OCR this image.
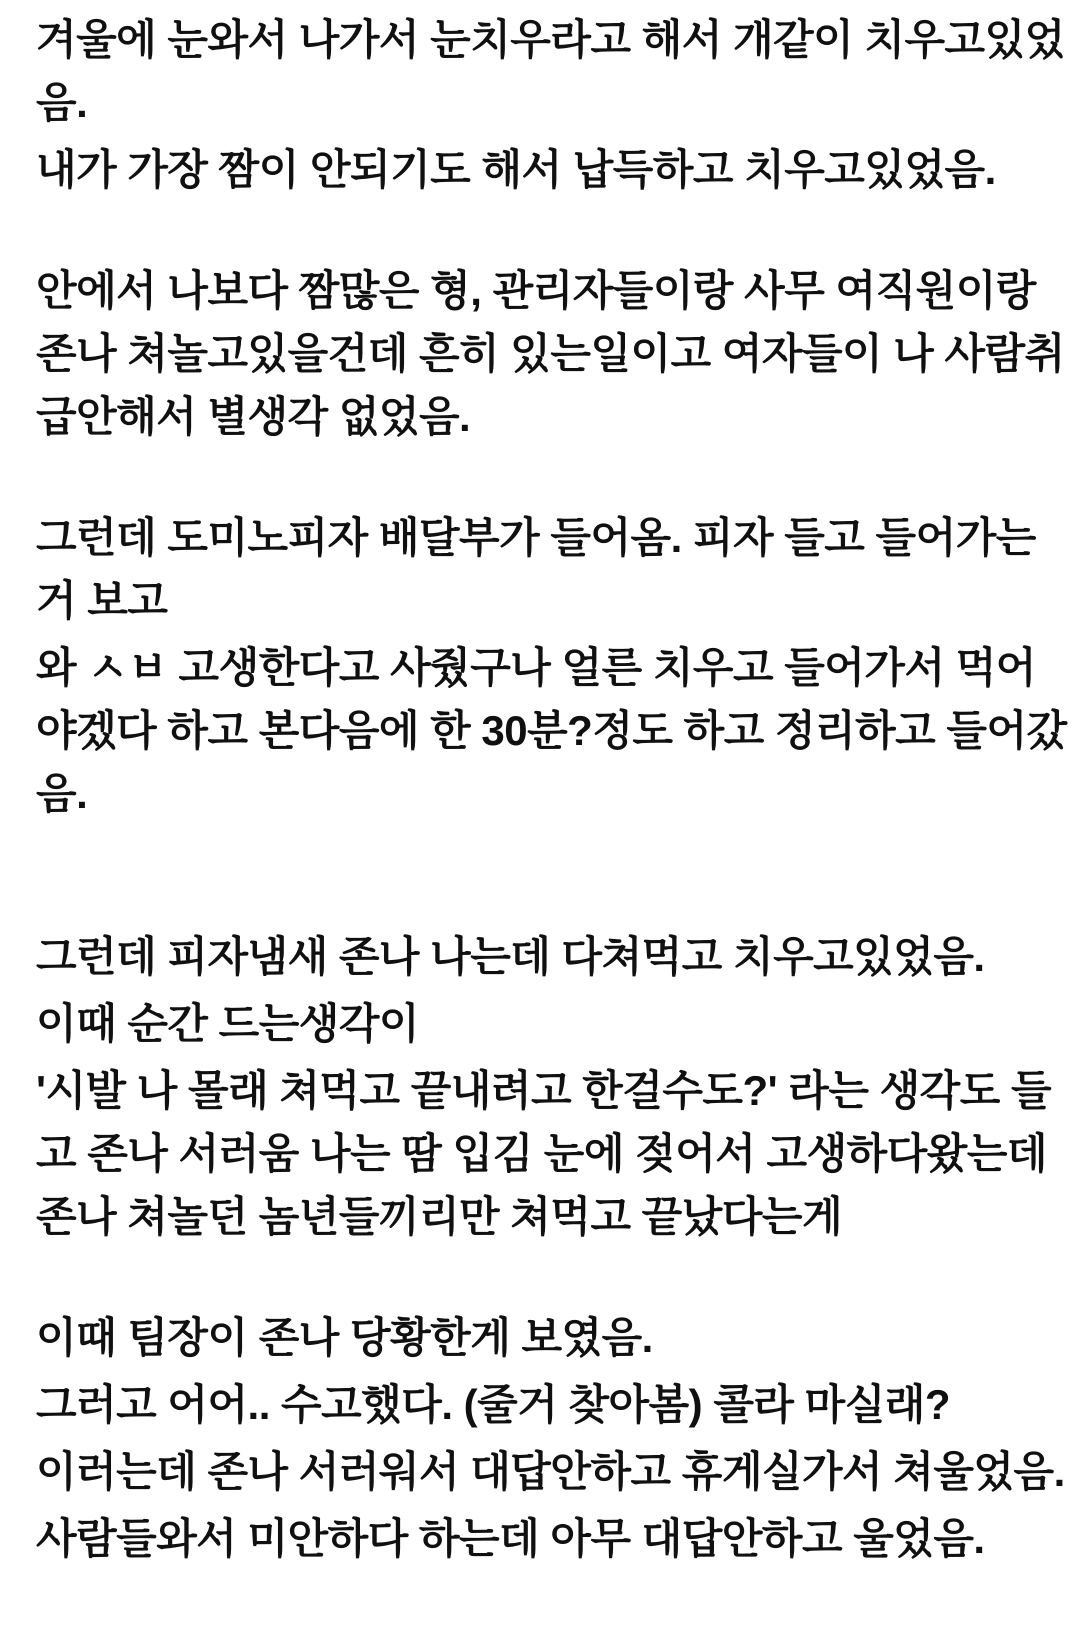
겨울에 눈와서 나가서 눈치우라고 해서 개같이 치우고있었
음.

내가 가장 짬이 안되기도 해서 납득하고 치우고있었음.

안에서 나보다 짬많은 형, 관리자들이랑 사무 여직원이랑
존나 쳐놀고있을건데 흔히 있는일이고 여자들이 나 사람취
급안해서 별생각 없었음.

그런데 도미노피자 배달부가 들어옴. 피자 들고 들어가는
거 보고

와 ㅅㅂ 고생한다고 사줬구나 얼른 치우고 들어가서 먹어
야겠다 하고 본다음에 한 30분?정도 하고 정리하고 들어갔
음.

그런데 피자냄새 존나 나는데 다쳐먹고 치우고있었음.

이때 순간 드는생각이

'시발 나 몰래 쳐먹고 끝내려고 한걸수도?' 라는 생각도 들
고 존나 서러움 나는 땀 입김 눈에 젖어서 고생하다왔는데
존나 쳐놀던 놈년들끼리만 쳐먹고 끝났다는게

이때 팀장이 존나 당황한게 보였음.

그러고 어어.. 수고했다. (줄거 찾아봄) 콜라 마실래?

이러는데 존나 서러워서 대답안하고 휴게실가서 쳐울었음.

사람들와서 미안하다 하는데 아무 대답안하고 울었음.
